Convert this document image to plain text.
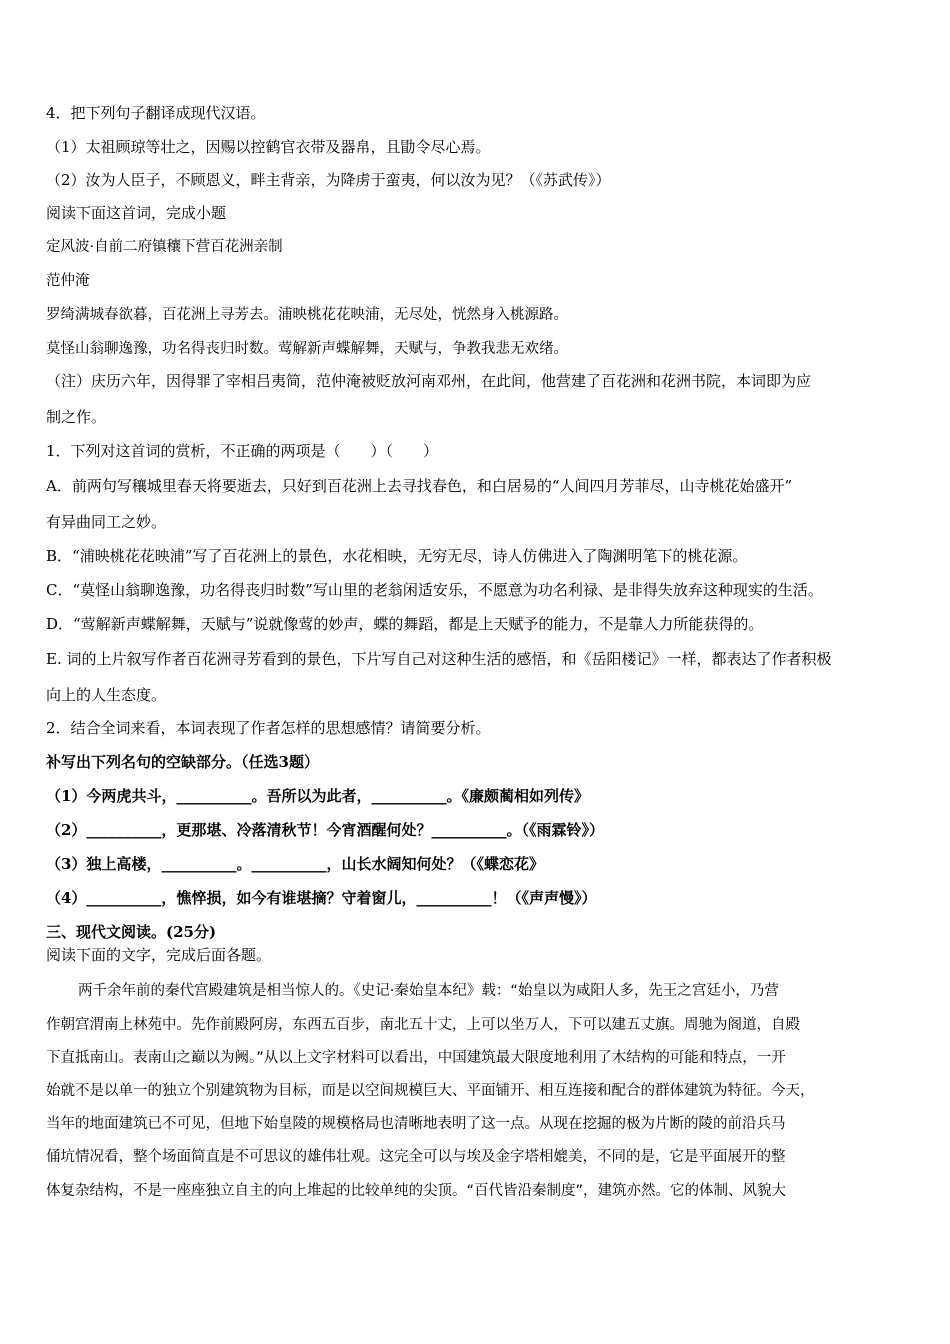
4．把下列句子翻译成现代汉语。
（1）太祖顾琼等壮之，因赐以控鹤官衣带及器帛，且勖令尽心焉。
（2）汝为人臣子，不顾恩义，畔主背亲，为降虏于蛮夷，何以汝为见？（《苏武传》）
阅读下面这首词，完成小题
定风波·自前二府镇穰下营百花洲亲制
范仲淹
罗绮满城春欲暮，百花洲上寻芳去。浦映桃花花映浦，无尽处，恍然身入桃源路。
莫怪山翁聊逸豫，功名得丧归时数。莺解新声蝶解舞，天赋与，争教我悲无欢绪。
（注）庆历六年，因得罪了宰相吕夷简，范仲淹被贬放河南邓州，在此间，他营建了百花洲和花洲书院，本词即为应
制之作。
1．下列对这首词的赏析，不正确的两项是（　　）（　　）
A．前两句写穰城里春天将要逝去，只好到百花洲上去寻找春色，和白居易的“人间四月芳菲尽，山寺桃花始盛开”
有异曲同工之妙。
B．“浦映桃花花映浦”写了百花洲上的景色，水花相映，无穷无尽，诗人仿佛进入了陶渊明笔下的桃花源。
C．“莫怪山翁聊逸豫，功名得丧归时数”写山里的老翁闲适安乐，不愿意为功名利禄、是非得失放弃这种现实的生活。
D．“莺解新声蝶解舞，天赋与”说就像莺的妙声，蝶的舞蹈，都是上天赋予的能力，不是靠人力所能获得的。
E. 词的上片叙写作者百花洲寻芳看到的景色，下片写自己对这种生活的感悟，和《岳阳楼记》一样，都表达了作者积极
向上的人生态度。
2．结合全词来看，本词表现了作者怎样的思想感情？请简要分析。
补写出下列名句的空缺部分。（任选3题）
（1）今两虎共斗，__________。吾所以为此者，__________。《廉颇蔺相如列传》
（2）__________，更那堪、冷落清秋节！今宵酒醒何处？__________。（《雨霖铃》）
（3）独上高楼，__________。__________，山长水阔知何处？（《蝶恋花》
（4）__________，憔悴损，如今有谁堪摘？守着窗儿，__________！（《声声慢》）
三、现代文阅读。(25分)
阅读下面的文字，完成后面各题。
两千余年前的秦代宫殿建筑是相当惊人的。《史记·秦始皇本纪》载：“始皇以为咸阳人多，先王之宫廷小，乃营
作朝宫渭南上林苑中。先作前殿阿房，东西五百步，南北五十丈，上可以坐万人，下可以建五丈旗。周驰为阁道，自殿
下直抵南山。表南山之巅以为阙。”从以上文字材料可以看出，中国建筑最大限度地利用了木结构的可能和特点，一开
始就不是以单一的独立个别建筑物为目标，而是以空间规模巨大、平面铺开、相互连接和配合的群体建筑为特征。今天，
当年的地面建筑已不可见，但地下始皇陵的规模格局也清晰地表明了这一点。从现在挖掘的极为片断的陵的前沿兵马
俑坑情况看，整个场面简直是不可思议的雄伟壮观。这完全可以与埃及金字塔相媲美，不同的是，它是平面展开的整
体复杂结构，不是一座座独立自主的向上堆起的比较单纯的尖顶。“百代皆沿秦制度”，建筑亦然。它的体制、风貌大
